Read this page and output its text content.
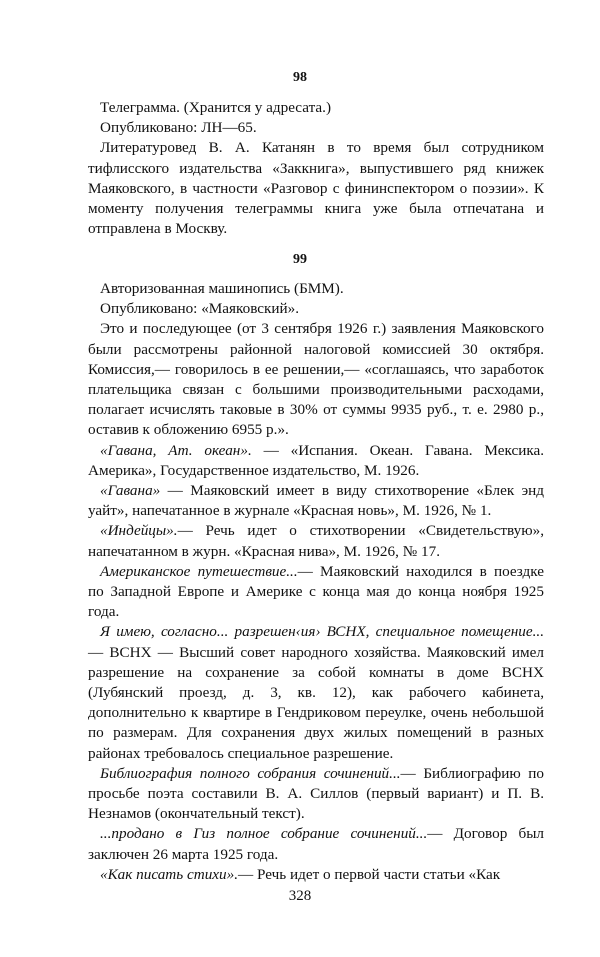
98

Телеграмма. (Хранится у адресата.)

Опубликовано: ЛН—65.

Литературовед В. А. Катанян в то время был сотрудником тифлисского издательства «Заккнига», выпустившего ряд книжек Маяковского, в частности «Разговор с фининспектором о поэзии». К моменту получения телеграммы книга уже была отпечатана и отправлена в Москву.

99

Авторизованная машинопись (БММ).

Опубликовано: «Маяковский».

Это и последующее (от 3 сентября 1926 г.) заявления Маяковского были рассмотрены районной налоговой комиссией 30 октября. Комиссия,— говорилось в ее решении,— «соглашаясь, что заработок плательщика связан с большими производительными расходами, полагает исчислять таковые в 30% от суммы 9935 руб., т. е. 2980 р., оставив к обложению 6955 р.».

«Гавана, Ат. океан». — «Испания. Океан. Гавана. Мексика. Америка», Государственное издательство, М. 1926.

«Гавана» — Маяковский имеет в виду стихотворение «Блек энд уайт», напечатанное в журнале «Красная новь», М. 1926, № 1.

«Индейцы».— Речь идет о стихотворении «Свидетельствую», напечатанном в журн. «Красная нива», М. 1926, № 17.

Американское путешествие...— Маяковский находился в поездке по Западной Европе и Америке с конца мая до конца ноября 1925 года.

Я имею, согласно... разрешен‹ия› ВСНХ, специальное помещение...— ВСНХ — Высший совет народного хозяйства. Маяковский имел разрешение на сохранение за собой комнаты в доме ВСНХ (Лубянский проезд, д. 3, кв. 12), как рабочего кабинета, дополнительно к квартире в Гендриковом переулке, очень небольшой по размерам. Для сохранения двух жилых помещений в разных районах требовалось специальное разрешение.

Библиография полного собрания сочинений...— Библиографию по просьбе поэта составили В. А. Силлов (первый вариант) и П. В. Незнамов (окончательный текст).

...продано в Гиз полное собрание сочинений...— Договор был заключен 26 марта 1925 года.

«Как писать стихи».— Речь идет о первой части статьи «Как

328
